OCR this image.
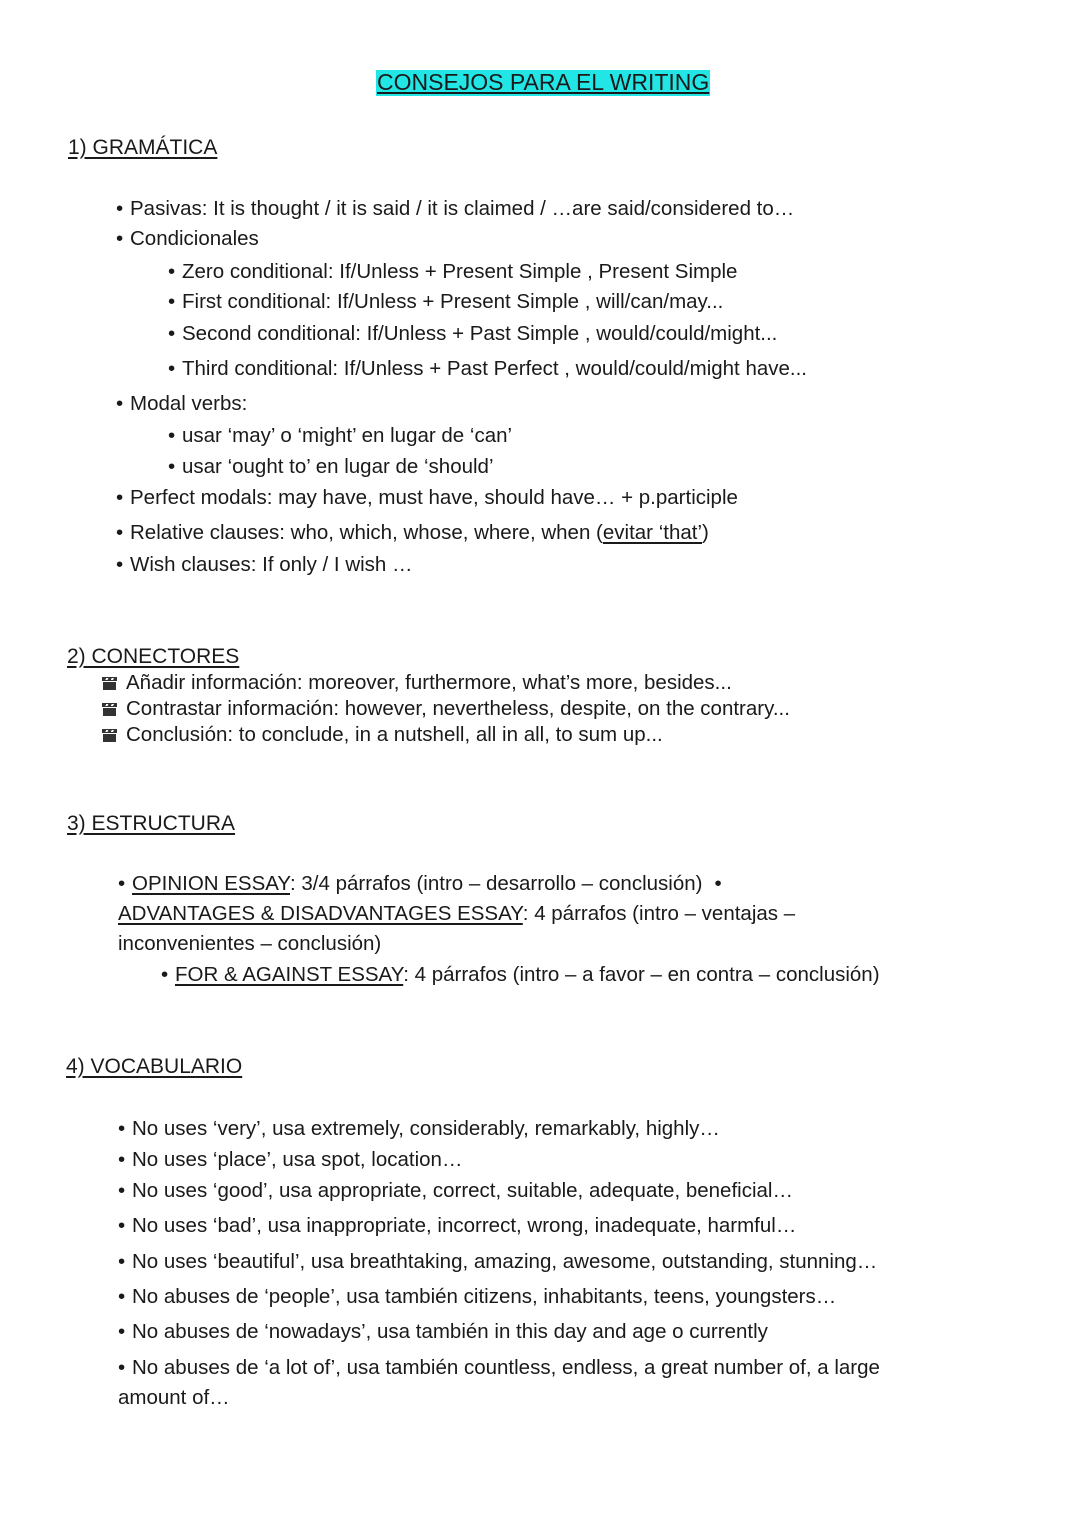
CONSEJOS PARA EL WRITING
1) GRAMÁTICA
• Pasivas: It is thought / it is said / it is claimed / …are said/considered to…
• Condicionales
• Zero conditional: If/Unless + Present Simple , Present Simple
• First conditional: If/Unless + Present Simple , will/can/may...
• Second conditional: If/Unless + Past Simple , would/could/might...
• Third conditional: If/Unless + Past Perfect , would/could/might have...
• Modal verbs:
• usar ‘may’ o ‘might’ en lugar de ‘can’
• usar ‘ought to’ en lugar de ‘should’
• Perfect modals: may have, must have, should have… + p.participle
• Relative clauses: who, which, whose, where, when (evitar ‘that’)
• Wish clauses: If only / I wish …
2) CONECTORES
Añadir información: moreover, furthermore, what’s more, besides...
Contrastar información: however, nevertheless, despite, on the contrary...
Conclusión: to conclude, in a nutshell, all in all, to sum up...
3) ESTRUCTURA
• OPINION ESSAY: 3/4 párrafos (intro – desarrollo – conclusión) •
ADVANTAGES & DISADVANTAGES ESSAY: 4 párrafos (intro – ventajas –
inconvenientes – conclusión)
• FOR & AGAINST ESSAY: 4 párrafos (intro – a favor – en contra – conclusión)
4) VOCABULARIO
• No uses ‘very’, usa extremely, considerably, remarkably, highly…
• No uses ‘place’, usa spot, location…
• No uses ‘good’, usa appropriate, correct, suitable, adequate, beneficial…
• No uses ‘bad’, usa inappropriate, incorrect, wrong, inadequate, harmful…
• No uses ‘beautiful’, usa breathtaking, amazing, awesome, outstanding, stunning…
• No abuses de ‘people’, usa también citizens, inhabitants, teens, youngsters…
• No abuses de ‘nowadays’, usa también in this day and age o currently
• No abuses de ‘a lot of’, usa también countless, endless, a great number of, a large
amount of…
